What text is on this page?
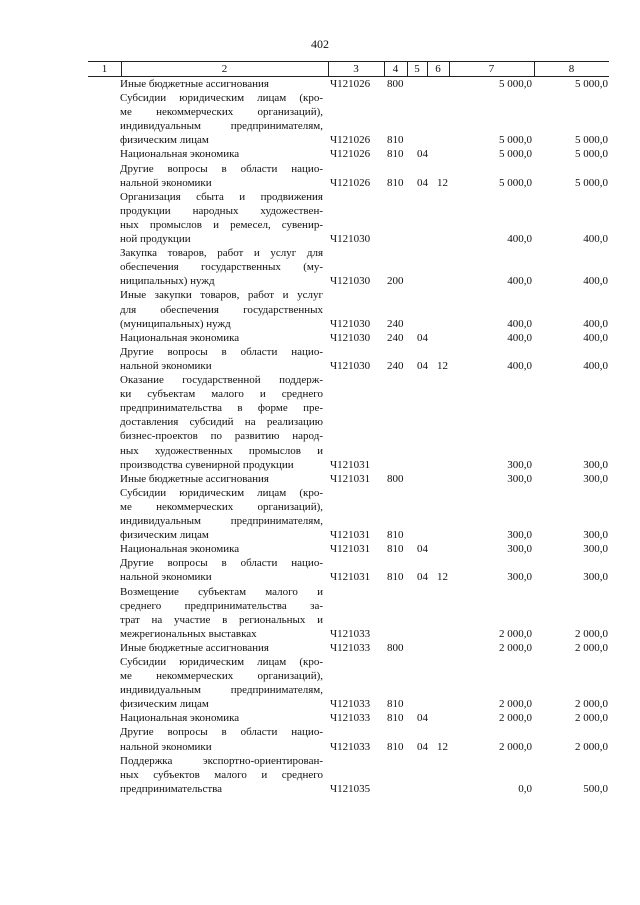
402
1	2	3	4	5	6	7	8
Иные бюджетные ассигнования	Ч121026 800	5 000,0	5 000,0
Субсидии юридическим лицам (кро-
ме некоммерческих организаций),
индивидуальным предпринимателям,
физическим лицам	Ч121026 810	5 000,0	5 000,0
Национальная экономика	Ч121026 810 04	5 000,0	5 000,0
Другие вопросы в области нацио-
нальной экономики	Ч121026 810 04 12	5 000,0	5 000,0
Организация сбыта и продвижения
продукции народных художествен-
ных промыслов и ремесел, сувенир-
ной продукции	Ч121030	400,0	400,0
Закупка товаров, работ и услуг для
обеспечения государственных (му-
ниципальных) нужд	Ч121030 200	400,0	400,0
Иные закупки товаров, работ и услуг
для обеспечения государственных
(муниципальных) нужд	Ч121030 240	400,0	400,0
Национальная экономика	Ч121030 240 04	400,0	400,0
Другие вопросы в области нацио-
нальной экономики	Ч121030 240 04 12	400,0	400,0
Оказание государственной поддерж-
ки субъектам малого и среднего
предпринимательства в форме пре-
доставления субсидий на реализацию
бизнес-проектов по развитию народ-
ных художественных промыслов и
производства сувенирной продукции	Ч121031	300,0	300,0
Иные бюджетные ассигнования	Ч121031 800	300,0	300,0
Субсидии юридическим лицам (кро-
ме некоммерческих организаций),
индивидуальным предпринимателям,
физическим лицам	Ч121031 810	300,0	300,0
Национальная экономика	Ч121031 810 04	300,0	300,0
Другие вопросы в области нацио-
нальной экономики	Ч121031 810 04 12	300,0	300,0
Возмещение субъектам малого и
среднего предпринимательства за-
трат на участие в региональных и
межрегиональных выставках	Ч121033	2 000,0	2 000,0
Иные бюджетные ассигнования	Ч121033 800	2 000,0	2 000,0
Субсидии юридическим лицам (кро-
ме некоммерческих организаций),
индивидуальным предпринимателям,
физическим лицам	Ч121033 810	2 000,0	2 000,0
Национальная экономика	Ч121033 810 04	2 000,0	2 000,0
Другие вопросы в области нацио-
нальной экономики	Ч121033 810 04 12	2 000,0	2 000,0
Поддержка экспортно-ориентирован-
ных субъектов малого и среднего
предпринимательства	Ч121035	0,0	500,0
